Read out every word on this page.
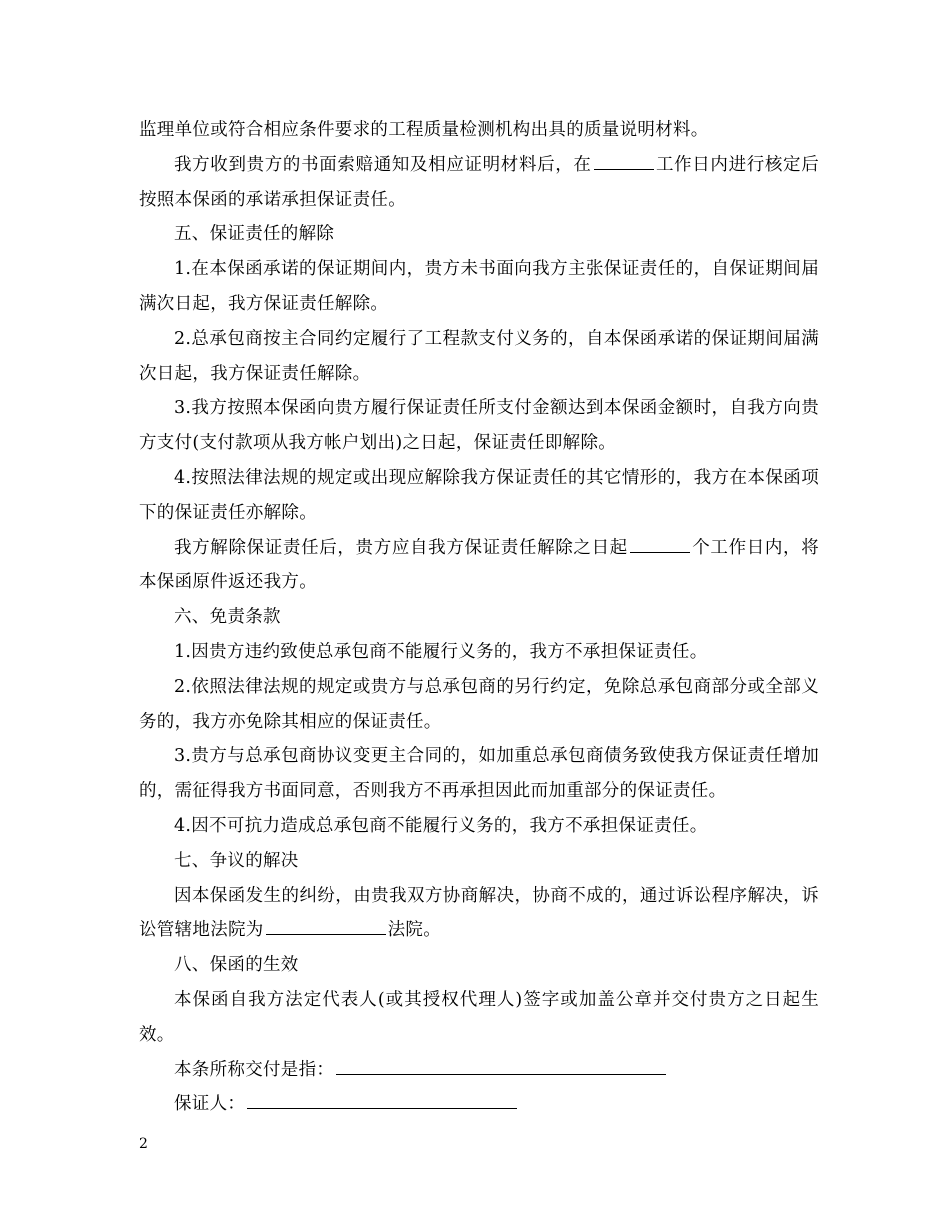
监理单位或符合相应条件要求的工程质量检测机构出具的质量说明材料。

我方收到贵方的书面索赔通知及相应证明材料后，在	工作日内进行核定后按照本保函的承诺承担保证责任。

五、保证责任的解除

1.在本保函承诺的保证期间内，贵方未书面向我方主张保证责任的，自保证期间届满次日起，我方保证责任解除。

2.总承包商按主合同约定履行了工程款支付义务的，自本保函承诺的保证期间届满次日起，我方保证责任解除。

3.我方按照本保函向贵方履行保证责任所支付金额达到本保函金额时，自我方向贵方支付(支付款项从我方帐户划出)之日起，保证责任即解除。

4.按照法律法规的规定或出现应解除我方保证责任的其它情形的，我方在本保函项下的保证责任亦解除。

我方解除保证责任后，贵方应自我方保证责任解除之日起	个工作日内，将本保函原件返还我方。

六、免责条款

1.因贵方违约致使总承包商不能履行义务的，我方不承担保证责任。

2.依照法律法规的规定或贵方与总承包商的另行约定，免除总承包商部分或全部义务的，我方亦免除其相应的保证责任。

3.贵方与总承包商协议变更主合同的，如加重总承包商债务致使我方保证责任增加的，需征得我方书面同意，否则我方不再承担因此而加重部分的保证责任。

4.因不可抗力造成总承包商不能履行义务的，我方不承担保证责任。

七、争议的解决

因本保函发生的纠纷，由贵我双方协商解决，协商不成的，通过诉讼程序解决，诉讼管辖地法院为	法院。

八、保函的生效

本保函自我方法定代表人(或其授权代理人)签字或加盖公章并交付贵方之日起生效。

本条所称交付是指：

保证人：

2
